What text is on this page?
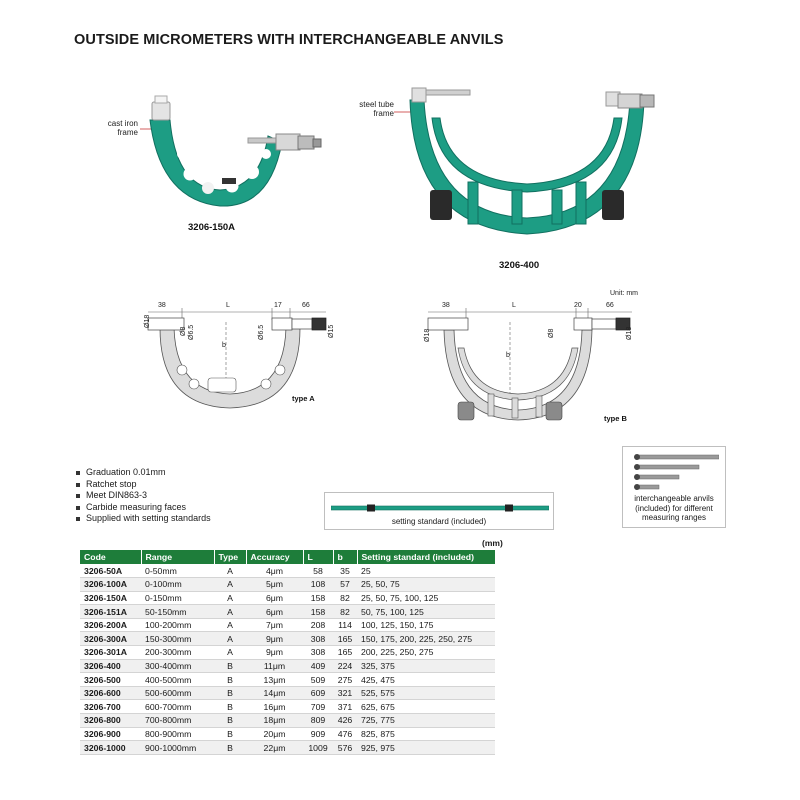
OUTSIDE MICROMETERS WITH INTERCHANGEABLE ANVILS
cast iron
frame
3206-150A
steel tube
frame
3206-400
38	L	17	66
b
Ø18
Ø8 Ø6.5	Ø6.5	Ø15
type A
Unit: mm
38	L	20	66
b
Ø18	Ø8	Ø18
type B
Graduation 0.01mm
Ratchet stop
Meet DIN863-3
Carbide measuring faces
Supplied with setting standards	setting standard (included)
interchangeable anvils
(included) for different
measuring ranges
(mm)
Code	Range	Type	Accuracy	L	b	Setting standard (included)
3206-50A	0-50mm	A	4μm	58	35	25
3206-100A	0-100mm	A	5μm	108	57	25, 50, 75
3206-150A	0-150mm	A	6μm	158	82	25, 50, 75, 100, 125
3206-151A	50-150mm	A	6μm	158	82	50, 75, 100, 125
3206-200A	100-200mm	A	7μm	208	114	100, 125, 150, 175
3206-300A	150-300mm	A	9μm	308	165	150, 175, 200, 225, 250, 275
3206-301A	200-300mm	A	9μm	308	165	200, 225, 250, 275
3206-400	300-400mm	B	11μm	409	224	325, 375
3206-500	400-500mm	B	13μm	509	275	425, 475
3206-600	500-600mm	B	14μm	609	321	525, 575
3206-700	600-700mm	B	16μm	709	371	625, 675
3206-800	700-800mm	B	18μm	809	426	725, 775
3206-900	800-900mm	B	20μm	909	476	825, 875
3206-1000	900-1000mm	B	22μm	1009	576	925, 975
